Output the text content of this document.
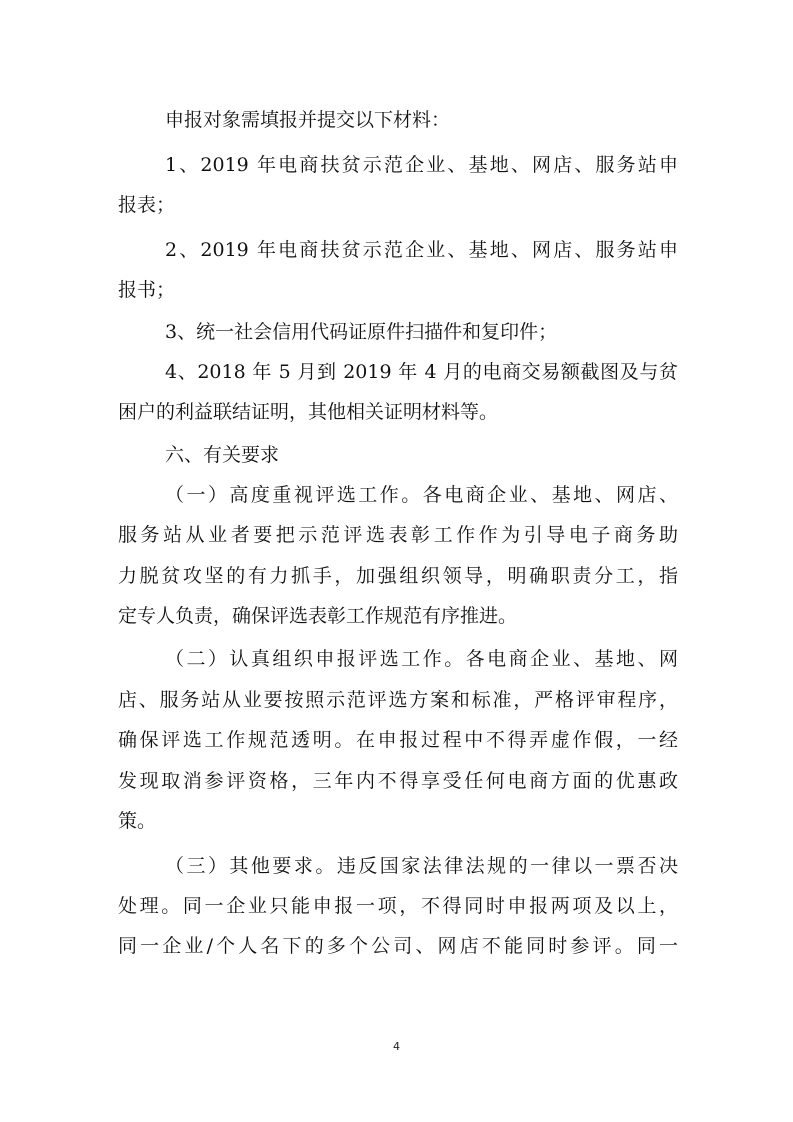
申报对象需填报并提交以下材料：
1、2019 年电商扶贫示范企业、基地、网店、服务站申
报表；
2、2019 年电商扶贫示范企业、基地、网店、服务站申
报书；
3、统一社会信用代码证原件扫描件和复印件；
4、2018 年 5 月到 2019 年 4 月的电商交易额截图及与贫
困户的利益联结证明，其他相关证明材料等。
六、有关要求
（一）高度重视评选工作。各电商企业、基地、网店、
服务站从业者要把示范评选表彰工作作为引导电子商务助
力脱贫攻坚的有力抓手，加强组织领导，明确职责分工，指
定专人负责，确保评选表彰工作规范有序推进。
（二）认真组织申报评选工作。各电商企业、基地、网
店、服务站从业要按照示范评选方案和标准，严格评审程序，
确保评选工作规范透明。在申报过程中不得弄虚作假，一经
发现取消参评资格，三年内不得享受任何电商方面的优惠政
策。
（三）其他要求。违反国家法律法规的一律以一票否决
处理。同一企业只能申报一项，不得同时申报两项及以上，
同一企业/个人名下的多个公司、网店不能同时参评。同一
4
